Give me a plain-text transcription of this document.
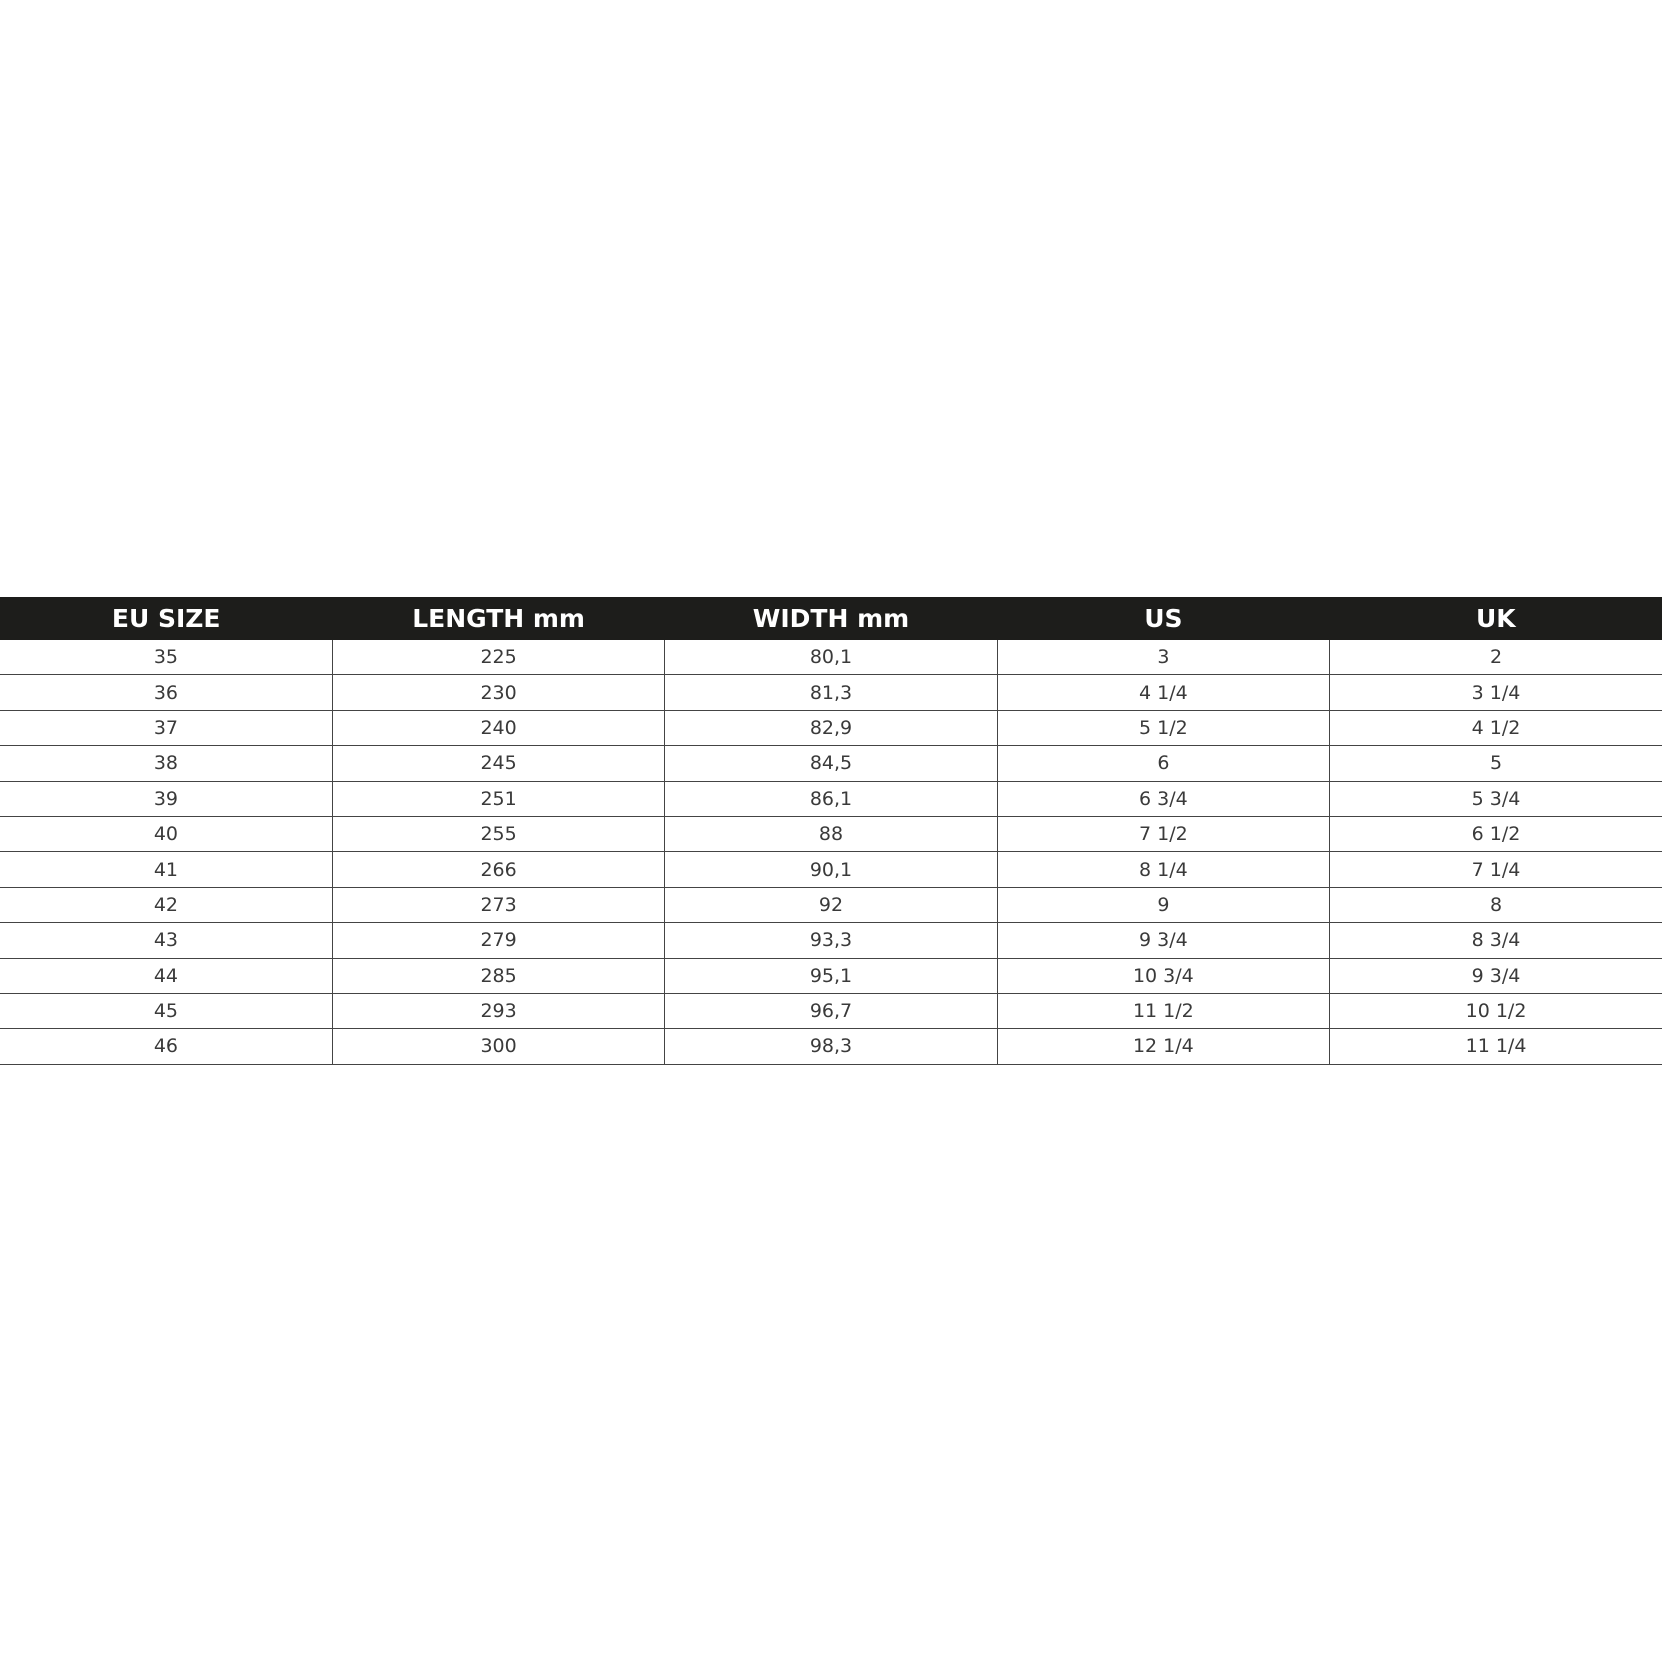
EU SIZE	LENGTH mm	WIDTH mm	US	UK
35	225	80,1	3	2
36	230	81,3	4 1/4	3 1/4
37	240	82,9	5 1/2	4 1/2
38	245	84,5	6	5
39	251	86,1	6 3/4	5 3/4
40	255	88	7 1/2	6 1/2
41	266	90,1	8 1/4	7 1/4
42	273	92	9	8
43	279	93,3	9 3/4	8 3/4
44	285	95,1	10 3/4	9 3/4
45	293	96,7	11 1/2	10 1/2
46	300	98,3	12 1/4	11 1/4
